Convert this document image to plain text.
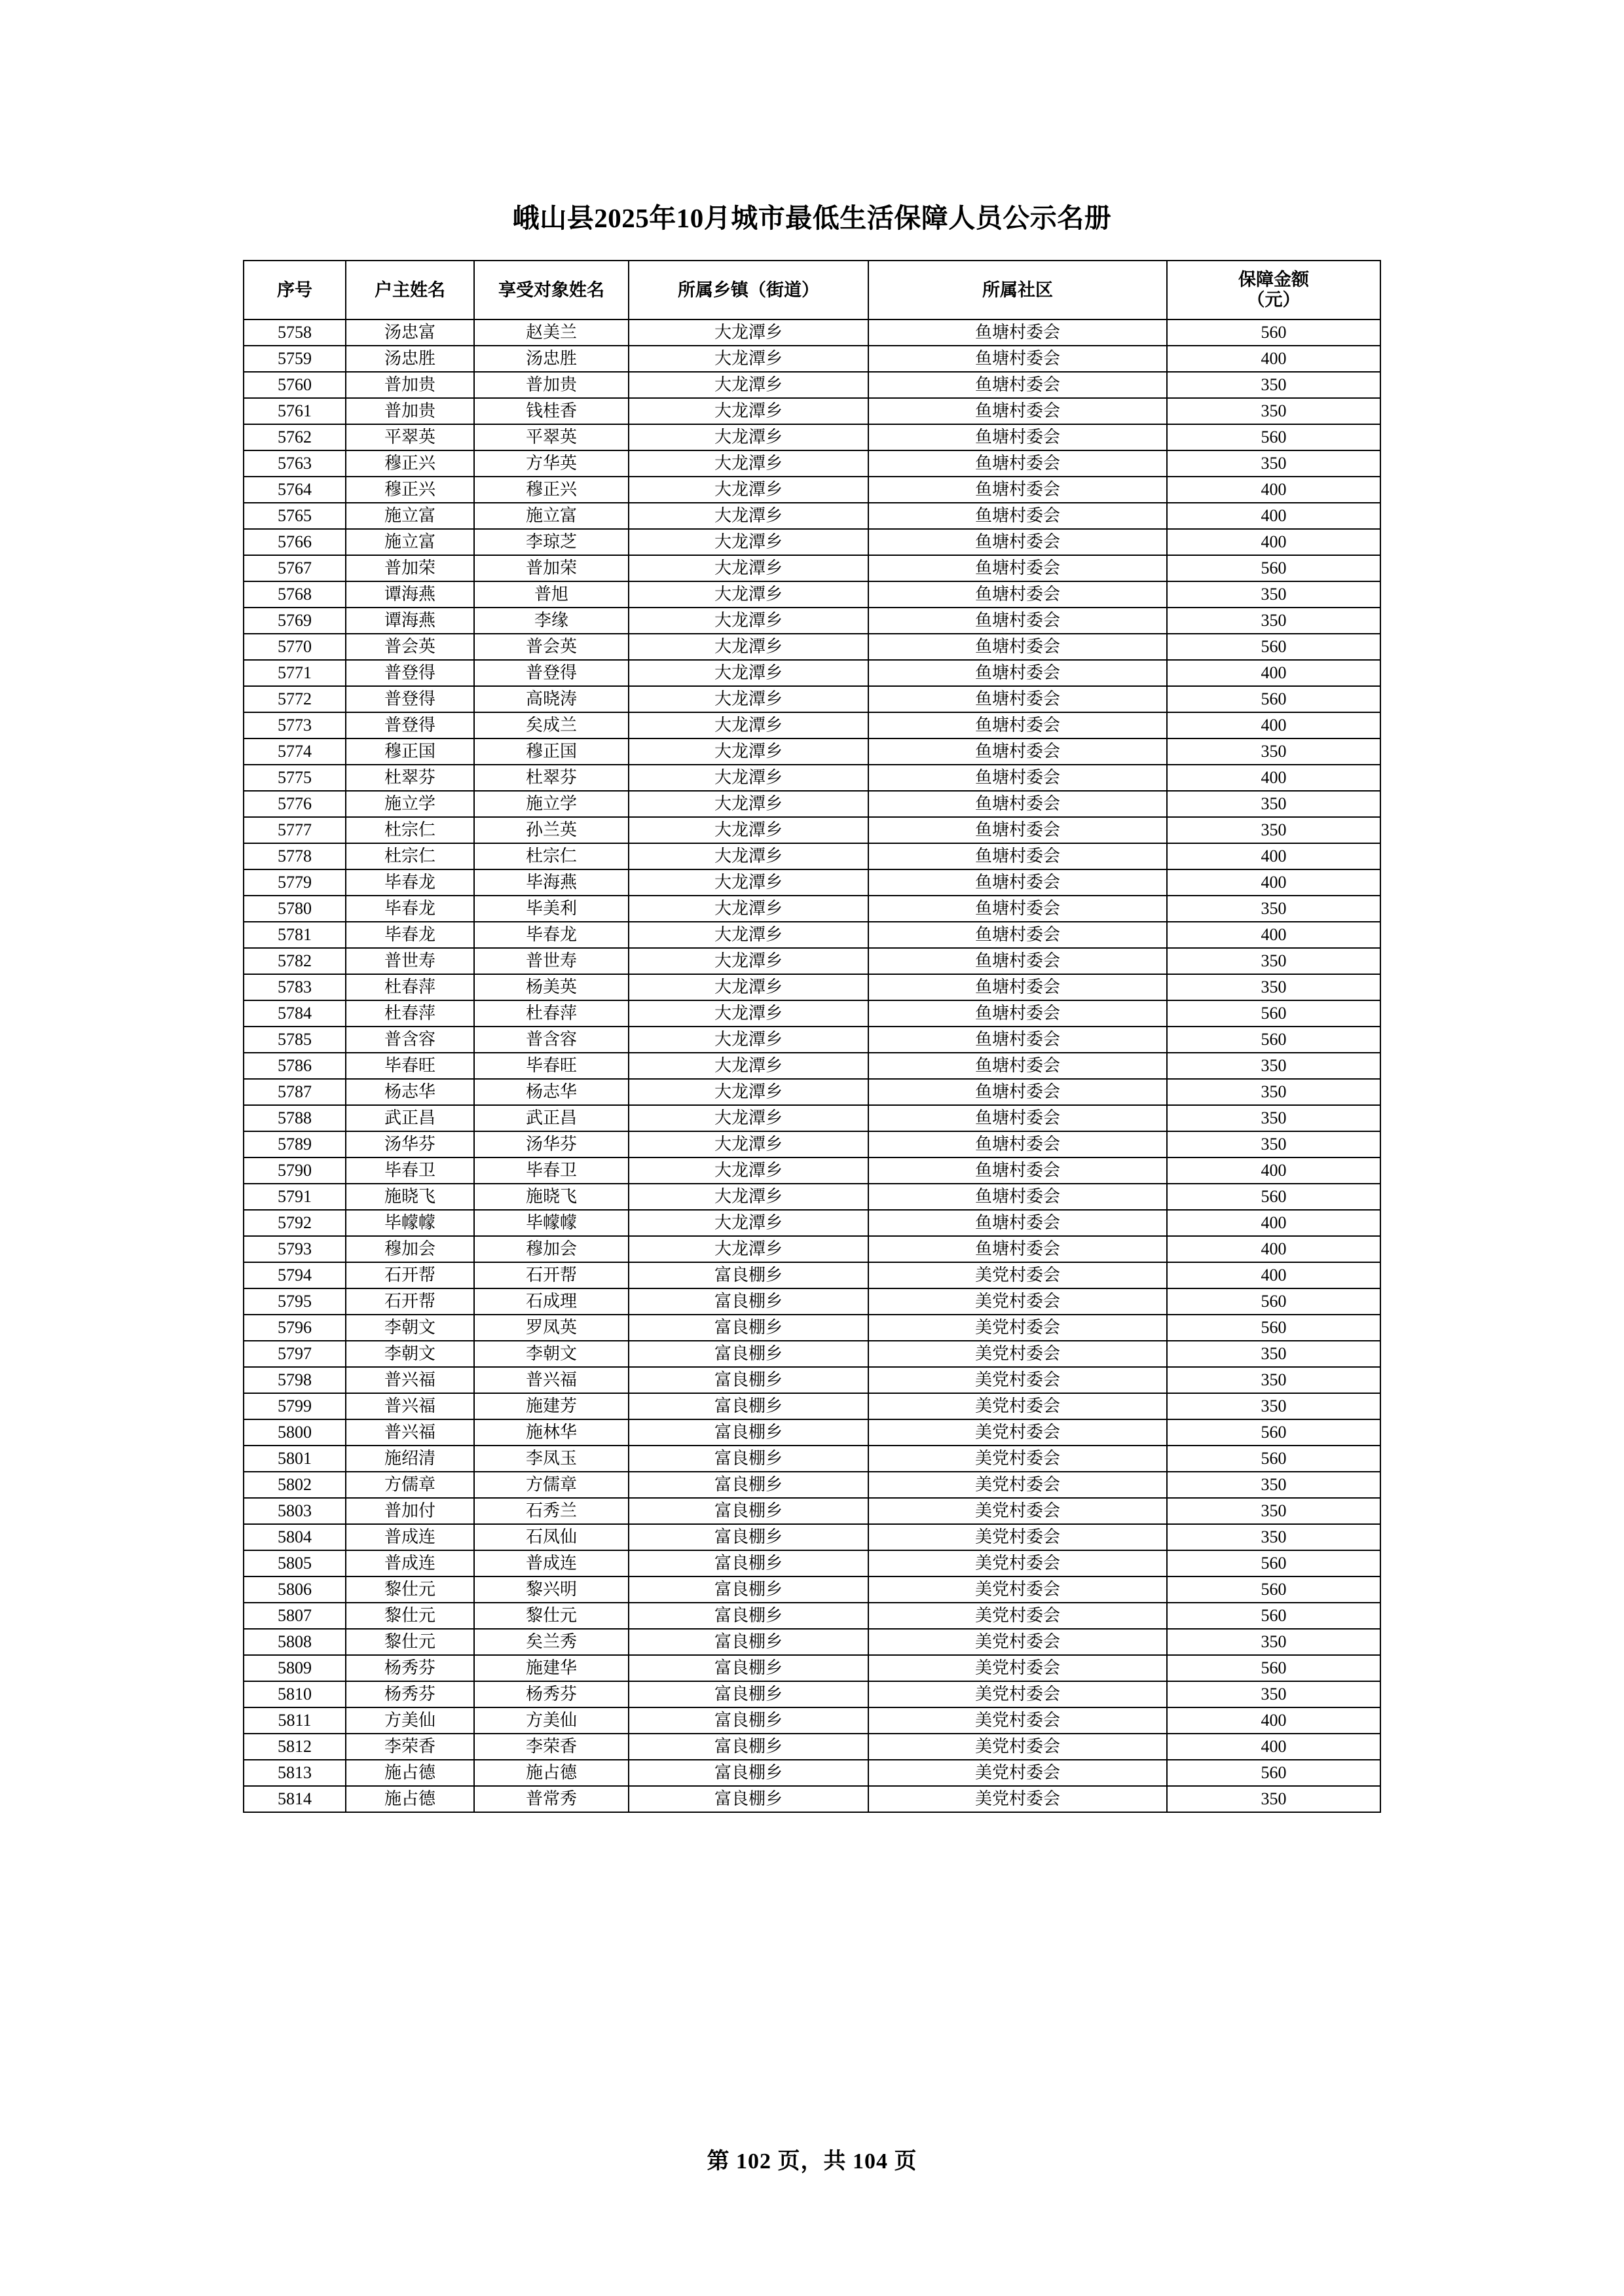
峨山县2025年10月城市最低生活保障人员公示名册
序号	户主姓名	享受对象姓名	所属乡镇（街道）	所属社区	保障金额
（元）

5758	汤忠富	赵美兰	大龙潭乡	鱼塘村委会	560
5759	汤忠胜	汤忠胜	大龙潭乡	鱼塘村委会	400
5760	普加贵	普加贵	大龙潭乡	鱼塘村委会	350
5761	普加贵	钱桂香	大龙潭乡	鱼塘村委会	350
5762	平翠英	平翠英	大龙潭乡	鱼塘村委会	560
5763	穆正兴	方华英	大龙潭乡	鱼塘村委会	350
5764	穆正兴	穆正兴	大龙潭乡	鱼塘村委会	400
5765	施立富	施立富	大龙潭乡	鱼塘村委会	400
5766	施立富	李琼芝	大龙潭乡	鱼塘村委会	400
5767	普加荣	普加荣	大龙潭乡	鱼塘村委会	560
5768	谭海燕	普旭	大龙潭乡	鱼塘村委会	350
5769	谭海燕	李缘	大龙潭乡	鱼塘村委会	350
5770	普会英	普会英	大龙潭乡	鱼塘村委会	560
5771	普登得	普登得	大龙潭乡	鱼塘村委会	400
5772	普登得	高晓涛	大龙潭乡	鱼塘村委会	560
5773	普登得	矣成兰	大龙潭乡	鱼塘村委会	400
5774	穆正国	穆正国	大龙潭乡	鱼塘村委会	350
5775	杜翠芬	杜翠芬	大龙潭乡	鱼塘村委会	400
5776	施立学	施立学	大龙潭乡	鱼塘村委会	350
5777	杜宗仁	孙兰英	大龙潭乡	鱼塘村委会	350
5778	杜宗仁	杜宗仁	大龙潭乡	鱼塘村委会	400
5779	毕春龙	毕海燕	大龙潭乡	鱼塘村委会	400
5780	毕春龙	毕美利	大龙潭乡	鱼塘村委会	350
5781	毕春龙	毕春龙	大龙潭乡	鱼塘村委会	400
5782	普世寿	普世寿	大龙潭乡	鱼塘村委会	350
5783	杜春萍	杨美英	大龙潭乡	鱼塘村委会	350
5784	杜春萍	杜春萍	大龙潭乡	鱼塘村委会	560
5785	普含容	普含容	大龙潭乡	鱼塘村委会	560
5786	毕春旺	毕春旺	大龙潭乡	鱼塘村委会	350
5787	杨志华	杨志华	大龙潭乡	鱼塘村委会	350
5788	武正昌	武正昌	大龙潭乡	鱼塘村委会	350
5789	汤华芬	汤华芬	大龙潭乡	鱼塘村委会	350
5790	毕春卫	毕春卫	大龙潭乡	鱼塘村委会	400
5791	施晓飞	施晓飞	大龙潭乡	鱼塘村委会	560
5792	毕幪幪	毕幪幪	大龙潭乡	鱼塘村委会	400
5793	穆加会	穆加会	大龙潭乡	鱼塘村委会	400
5794	石开帮	石开帮	富良棚乡	美党村委会	400
5795	石开帮	石成理	富良棚乡	美党村委会	560
5796	李朝文	罗凤英	富良棚乡	美党村委会	560
5797	李朝文	李朝文	富良棚乡	美党村委会	350
5798	普兴福	普兴福	富良棚乡	美党村委会	350
5799	普兴福	施建芳	富良棚乡	美党村委会	350
5800	普兴福	施林华	富良棚乡	美党村委会	560
5801	施绍清	李凤玉	富良棚乡	美党村委会	560
5802	方儒章	方儒章	富良棚乡	美党村委会	350
5803	普加付	石秀兰	富良棚乡	美党村委会	350
5804	普成连	石凤仙	富良棚乡	美党村委会	350
5805	普成连	普成连	富良棚乡	美党村委会	560
5806	黎仕元	黎兴明	富良棚乡	美党村委会	560
5807	黎仕元	黎仕元	富良棚乡	美党村委会	560
5808	黎仕元	矣兰秀	富良棚乡	美党村委会	350
5809	杨秀芬	施建华	富良棚乡	美党村委会	560
5810	杨秀芬	杨秀芬	富良棚乡	美党村委会	350
5811	方美仙	方美仙	富良棚乡	美党村委会	400
5812	李荣香	李荣香	富良棚乡	美党村委会	400
5813	施占德	施占德	富良棚乡	美党村委会	560
5814	施占德	普常秀	富良棚乡	美党村委会	350
第 102 页，共 104 页
